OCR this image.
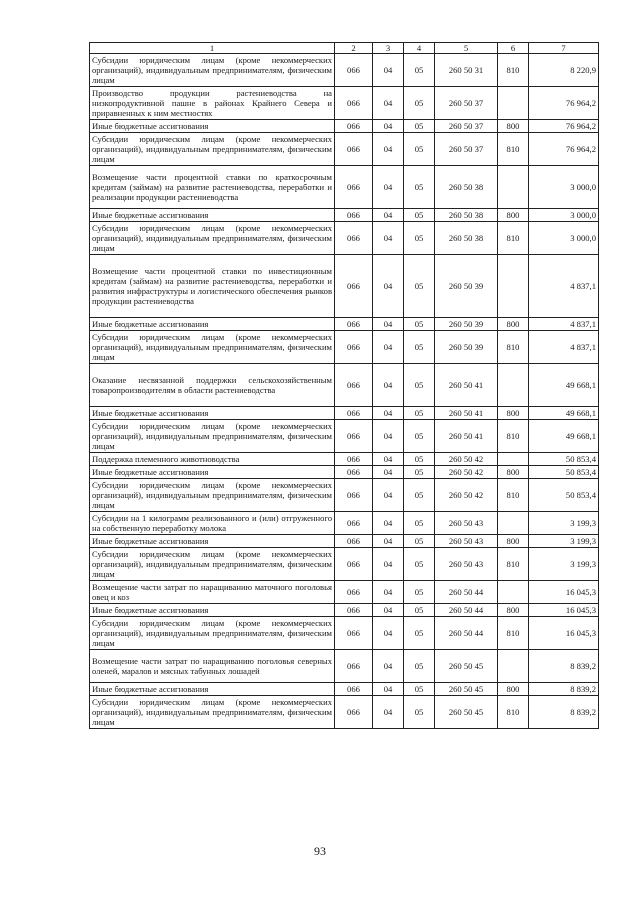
1	2	3	4	5	6	7
Субсидии юридическим лицам (кроме некоммерческих организаций), индивидуальным предпринимателям, физическим лицам	066	04	05	260 50 31	810	8 220,9
Производство продукции растениеводства на низкопродуктивной пашне в районах Крайнего Севера и приравненных к ним местностях	066	04	05	260 50 37		76 964,2
Иные бюджетные ассигнования	066	04	05	260 50 37	800	76 964,2
Субсидии юридическим лицам (кроме некоммерческих организаций), индивидуальным предпринимателям, физическим лицам	066	04	05	260 50 37	810	76 964,2
Возмещение части процентной ставки по краткосрочным кредитам (займам) на развитие растениеводства, переработки и реализации продукции растениеводства	066	04	05	260 50 38		3 000,0
Иные бюджетные ассигнования	066	04	05	260 50 38	800	3 000,0
Субсидии юридическим лицам (кроме некоммерческих организаций), индивидуальным предпринимателям, физическим лицам	066	04	05	260 50 38	810	3 000,0
Возмещение части процентной ставки по инвестиционным кредитам (займам) на развитие растениеводства, переработки и развития инфраструктуры и логистического обеспечения рынков продукции растениеводства	066	04	05	260 50 39		4 837,1
Иные бюджетные ассигнования	066	04	05	260 50 39	800	4 837,1
Субсидии юридическим лицам (кроме некоммерческих организаций), индивидуальным предпринимателям, физическим лицам	066	04	05	260 50 39	810	4 837,1
Оказание несвязанной поддержки сельскохозяйственным товаропроизводителям в области растениеводства	066	04	05	260 50 41		49 668,1
Иные бюджетные ассигнования	066	04	05	260 50 41	800	49 668,1
Субсидии юридическим лицам (кроме некоммерческих организаций), индивидуальным предпринимателям, физическим лицам	066	04	05	260 50 41	810	49 668,1
Поддержка племенного животноводства	066	04	05	260 50 42		50 853,4
Иные бюджетные ассигнования	066	04	05	260 50 42	800	50 853,4
Субсидии юридическим лицам (кроме некоммерческих организаций), индивидуальным предпринимателям, физическим лицам	066	04	05	260 50 42	810	50 853,4
Субсидии на 1 килограмм реализованного и (или) отгруженного на собственную переработку молока	066	04	05	260 50 43		3 199,3
Иные бюджетные ассигнования	066	04	05	260 50 43	800	3 199,3
Субсидии юридическим лицам (кроме некоммерческих организаций), индивидуальным предпринимателям, физическим лицам	066	04	05	260 50 43	810	3 199,3
Возмещение части затрат по наращиванию маточного поголовья овец и коз	066	04	05	260 50 44		16 045,3
Иные бюджетные ассигнования	066	04	05	260 50 44	800	16 045,3
Субсидии юридическим лицам (кроме некоммерческих организаций), индивидуальным предпринимателям, физическим лицам	066	04	05	260 50 44	810	16 045,3
Возмещение части затрат по наращиванию поголовья северных оленей, маралов и мясных табунных лошадей	066	04	05	260 50 45		8 839,2
Иные бюджетные ассигнования	066	04	05	260 50 45	800	8 839,2
Субсидии юридическим лицам (кроме некоммерческих организаций), индивидуальным предпринимателям, физическим лицам	066	04	05	260 50 45	810	8 839,2
93
